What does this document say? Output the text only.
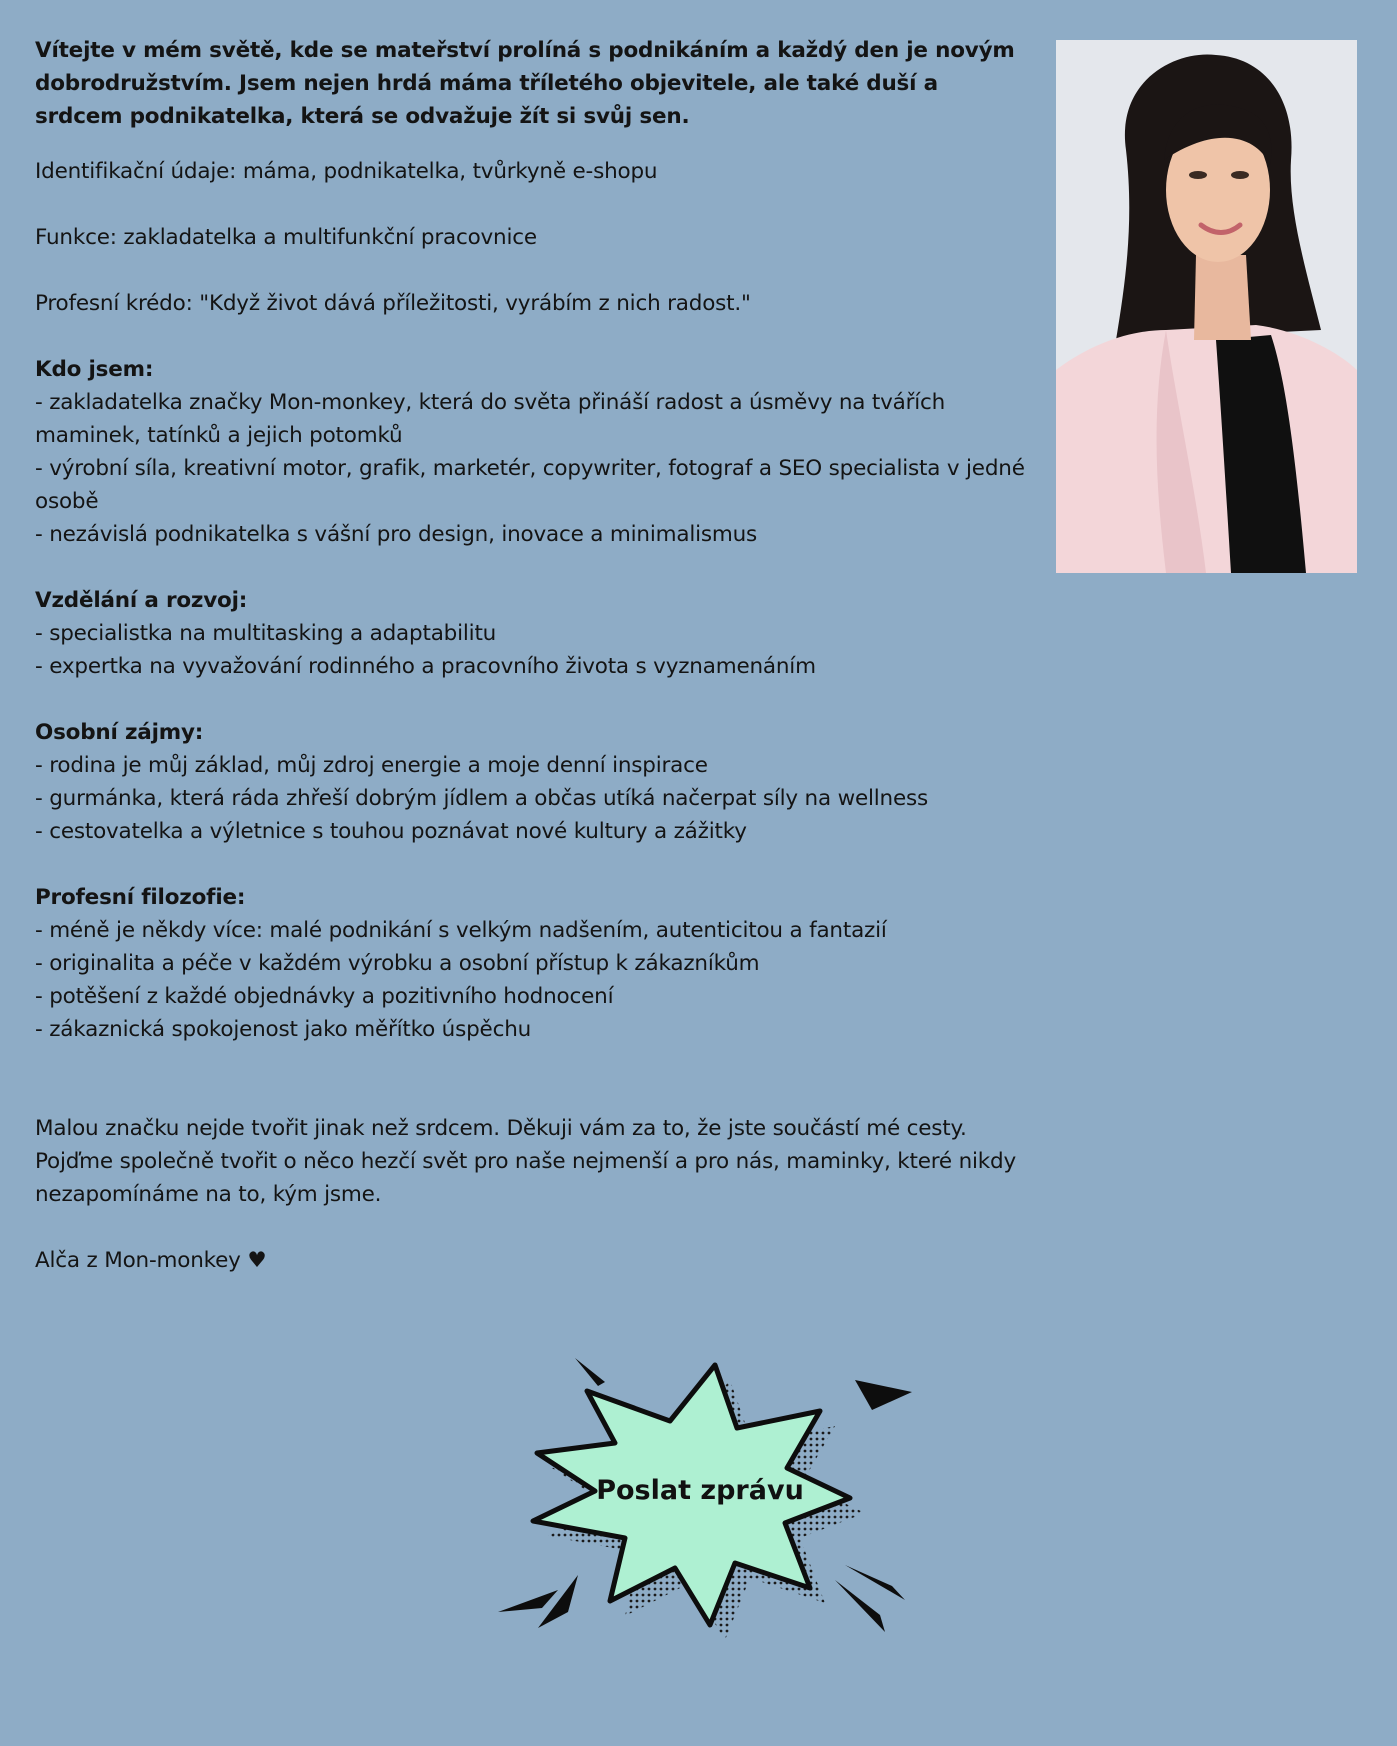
Vítejte v mém světě, kde se mateřství prolíná s podnikáním a každý den je novým dobrodružstvím. Jsem nejen hrdá máma tříletého objevitele, ale také duší a srdcem podnikatelka, která se odvažuje žít si svůj sen.

Identifikační údaje: máma, podnikatelka, tvůrkyně e-shopu
Funkce: zakladatelka a multifunkční pracovnice
Profesní krédo: "Když život dává příležitosti, vyrábím z nich radost."
Kdo jsem:
- zakladatelka značky Mon-monkey, která do světa přináší radost a úsměvy na tvářích maminek, tatínků a jejich potomků
- výrobní síla, kreativní motor, grafik, marketér, copywriter, fotograf a SEO specialista v jedné osobě
- nezávislá podnikatelka s vášní pro design, inovace a minimalismus
Vzdělání a rozvoj:
- specialistka na multitasking a adaptabilitu
- expertka na vyvažování rodinného a pracovního života s vyznamenáním
Osobní zájmy:
- rodina je můj základ, můj zdroj energie a moje denní inspirace
- gurmánka, která ráda zhřeší dobrým jídlem a občas utíká načerpat síly na wellness
- cestovatelka a výletnice s touhou poznávat nové kultury a zážitky
Profesní filozofie:
- méně je někdy více: malé podnikání s velkým nadšením, autenticitou a fantazií
- originalita a péče v každém výrobku a osobní přístup k zákazníkům
- potěšení z každé objednávky a pozitivního hodnocení
- zákaznická spokojenost jako měřítko úspěchu
Malou značku nejde tvořit jinak než srdcem. Děkuji vám za to, že jste součástí mé cesty. Pojďme společně tvořit o něco hezčí svět pro naše nejmenší a pro nás, maminky, které nikdy nezapomínáme na to, kým jsme.
Alča z Mon-monkey ♥
Poslat zprávu
